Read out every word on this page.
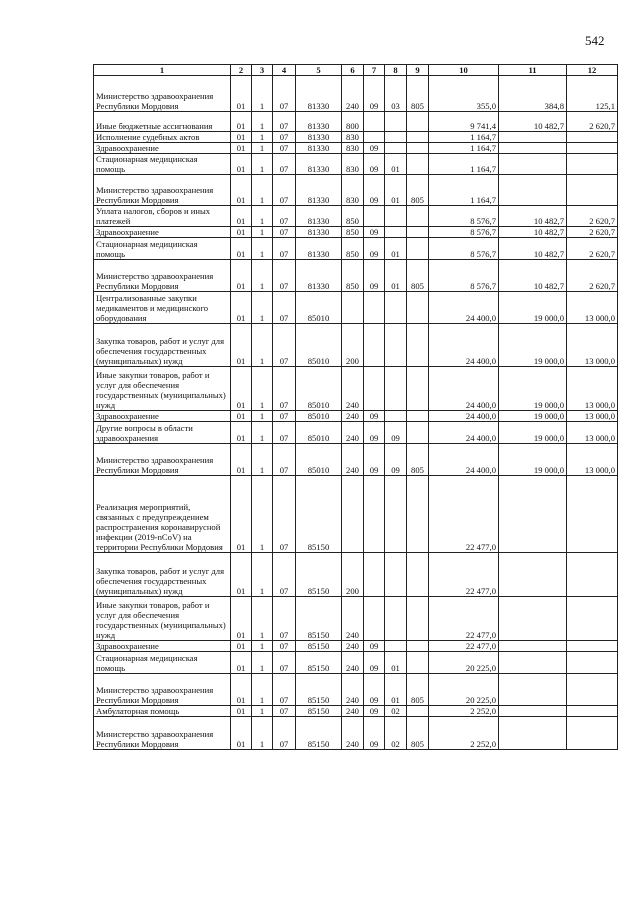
542
1	2	3	4	5	6	7	8	9	10	11	12
Министерство здравоохранения Республики Мордовия	01	1	07	81330	240	09	03	805	355,0	384,8	125,1
Иные бюджетные ассигнования	01	1	07	81330	800				9 741,4	10 482,7	2 620,7
Исполнение судебных актов	01	1	07	81330	830				1 164,7		
Здравоохранение	01	1	07	81330	830	09			1 164,7		
Стационарная медицинская помощь	01	1	07	81330	830	09	01		1 164,7		
Министерство здравоохранения Республики Мордовия	01	1	07	81330	830	09	01	805	1 164,7		
Уплата налогов, сборов и иных платежей	01	1	07	81330	850				8 576,7	10 482,7	2 620,7
Здравоохранение	01	1	07	81330	850	09			8 576,7	10 482,7	2 620,7
Стационарная медицинская помощь	01	1	07	81330	850	09	01		8 576,7	10 482,7	2 620,7
Министерство здравоохранения Республики Мордовия	01	1	07	81330	850	09	01	805	8 576,7	10 482,7	2 620,7
Централизованные закупки медикаментов и медицинского оборудования	01	1	07	85010					24 400,0	19 000,0	13 000,0
Закупка товаров, работ и услуг для обеспечения государственных (муниципальных) нужд	01	1	07	85010	200				24 400,0	19 000,0	13 000,0
Иные закупки товаров, работ и услуг для обеспечения государственных (муниципальных) нужд	01	1	07	85010	240				24 400,0	19 000,0	13 000,0
Здравоохранение	01	1	07	85010	240	09			24 400,0	19 000,0	13 000,0
Другие вопросы в области здравоохранения	01	1	07	85010	240	09	09		24 400,0	19 000,0	13 000,0
Министерство здравоохранения Республики Мордовия	01	1	07	85010	240	09	09	805	24 400,0	19 000,0	13 000,0
Реализация мероприятий, связанных с предупреждением распространения коронавирусной инфекции (2019-nCoV) на территории Республики Мордовия	01	1	07	85150					22 477,0		
Закупка товаров, работ и услуг для обеспечения государственных (муниципальных) нужд	01	1	07	85150	200				22 477,0		
Иные закупки товаров, работ и услуг для обеспечения государственных (муниципальных) нужд	01	1	07	85150	240				22 477,0		
Здравоохранение	01	1	07	85150	240	09			22 477,0		
Стационарная медицинская помощь	01	1	07	85150	240	09	01		20 225,0		
Министерство здравоохранения Республики Мордовия	01	1	07	85150	240	09	01	805	20 225,0		
Амбулаторная помощь	01	1	07	85150	240	09	02		2 252,0		
Министерство здравоохранения Республики Мордовия	01	1	07	85150	240	09	02	805	2 252,0		
